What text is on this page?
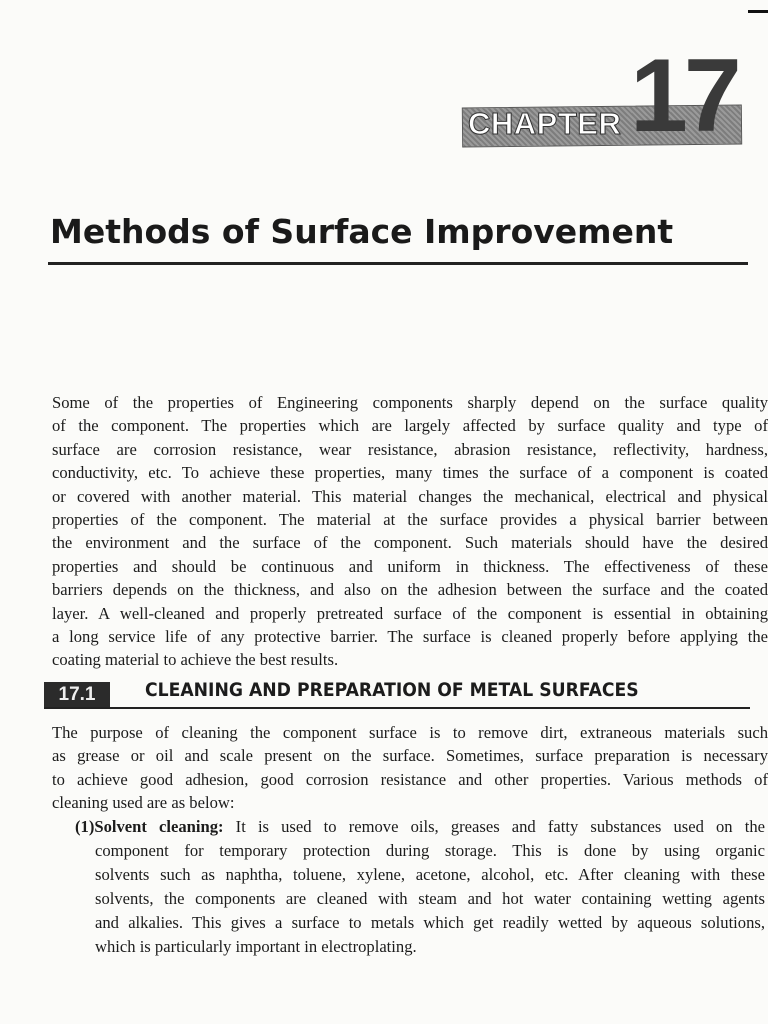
CHAPTER 17
Methods of Surface Improvement
Some of the properties of Engineering components sharply depend on the surface quality
of the component. The properties which are largely affected by surface quality and type of
surface are corrosion resistance, wear resistance, abrasion resistance, reflectivity, hardness,
conductivity, etc. To achieve these properties, many times the surface of a component is coated
or covered with another material. This material changes the mechanical, electrical and physical
properties of the component. The material at the surface provides a physical barrier between
the environment and the surface of the component. Such materials should have the desired
properties and should be continuous and uniform in thickness. The effectiveness of these
barriers depends on the thickness, and also on the adhesion between the surface and the coated
layer. A well-cleaned and properly pretreated surface of the component is essential in obtaining
a long service life of any protective barrier. The surface is cleaned properly before applying the
coating material to achieve the best results.
17.1	CLEANING AND PREPARATION OF METAL SURFACES
The purpose of cleaning the component surface is to remove dirt, extraneous materials such
as grease or oil and scale present on the surface. Sometimes, surface preparation is necessary
to achieve good adhesion, good corrosion resistance and other properties. Various methods of
cleaning used are as below:
(1)Solvent cleaning: It is used to remove oils, greases and fatty substances used on the
component for temporary protection during storage. This is done by using organic
solvents such as naphtha, toluene, xylene, acetone, alcohol, etc. After cleaning with these
solvents, the components are cleaned with steam and hot water containing wetting agents
and alkalies. This gives a surface to metals which get readily wetted by aqueous solutions,
which is particularly important in electroplating.
